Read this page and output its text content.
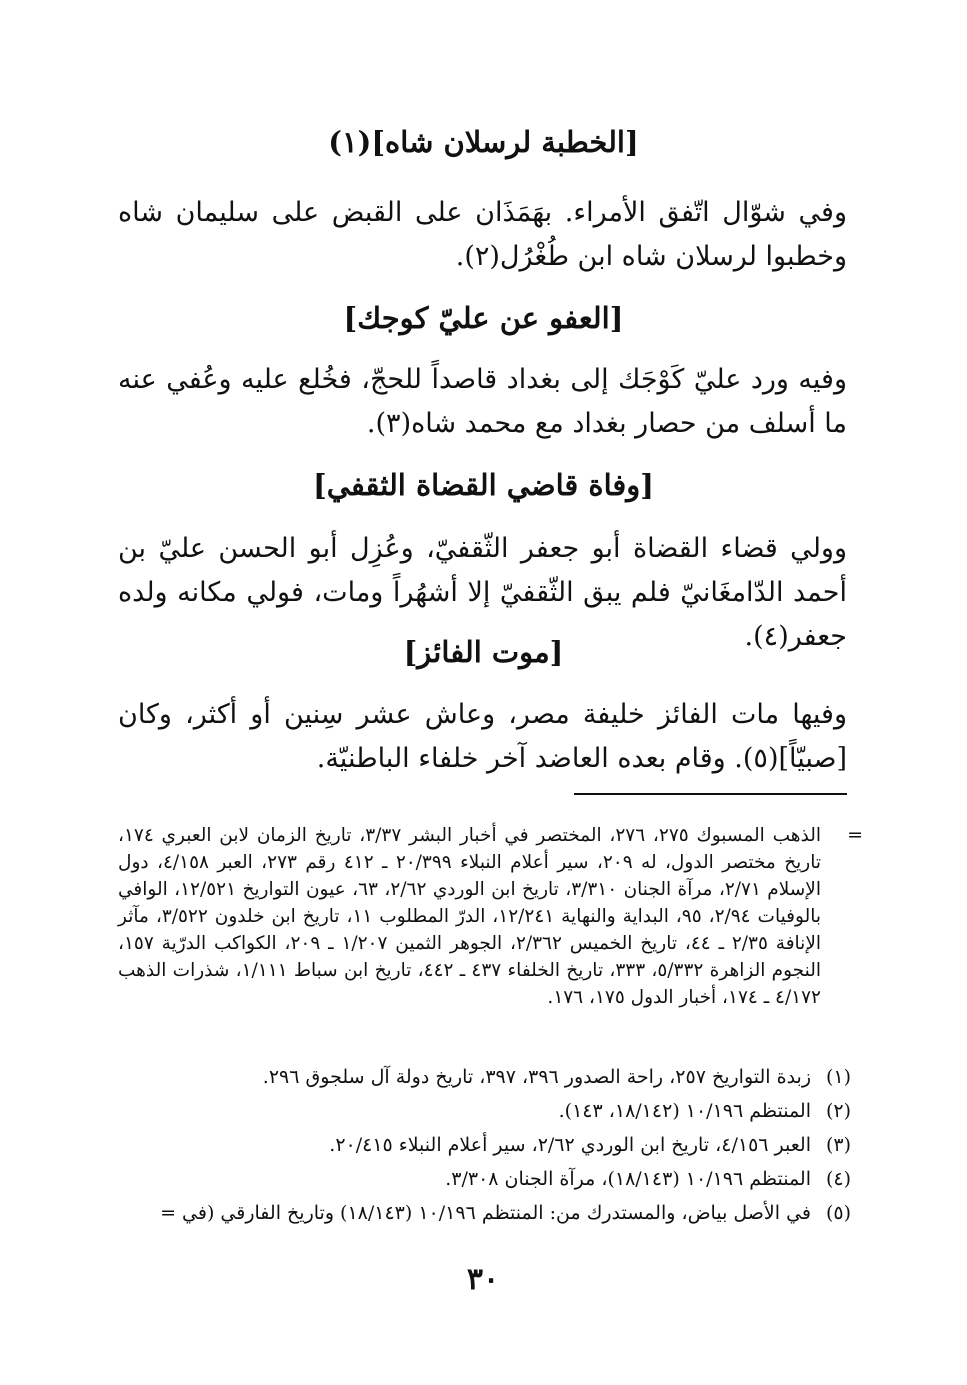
[الخطبة لرسلان شاه](١)
وفي شوّال اتّفق الأمراء. بهَمَذَان على القبض على سليمان شاه وخطبوا لرسلان شاه ابن طُغْرُل(٢).
[العفو عن عليّ كوجك]
وفيه ورد عليّ كَوْجَك إلى بغداد قاصداً للحجّ، فخُلع عليه وعُفي عنه ما أسلف من حصار بغداد مع محمد شاه(٣).
[وفاة قاضي القضاة الثقفي]
وولي قضاء القضاة أبو جعفر الثّقفيّ، وعُزِل أبو الحسن عليّ بن أحمد الدّامغَانيّ فلم يبق الثّقفيّ إلا أشهُراً ومات، فولي مكانه ولده جعفر(٤).
[موت الفائز]
وفيها مات الفائز خليفة مصر، وعاش عشر سِنين أو أكثر، وكان [صبيّاً](٥). وقام بعده العاضد آخر خلفاء الباطنيّة.
=
الذهب المسبوك ٢٧٥، ٢٧٦، المختصر في أخبار البشر ٣/٣٧، تاريخ الزمان لابن العبري ١٧٤، تاريخ مختصر الدول، له ٢٠٩، سير أعلام النبلاء ٢٠/٣٩٩ ـ ٤١٢ رقم ٢٧٣، العبر ٤/١٥٨، دول الإسلام ٢/٧١، مرآة الجنان ٣/٣١٠، تاريخ ابن الوردي ٢/٦٢، ٦٣، عيون التواريخ ١٢/٥٢١، الوافي بالوفيات ٢/٩٤، ٩٥، البداية والنهاية ١٢/٢٤١، الدرّ المطلوب ١١، تاريخ ابن خلدون ٣/٥٢٢، مآثر الإنافة ٢/٣٥ ـ ٤٤، تاريخ الخميس ٢/٣٦٢، الجوهر الثمين ١/٢٠٧ ـ ٢٠٩، الكواكب الدرّية ١٥٧، النجوم الزاهرة ٥/٣٣٢، ٣٣٣، تاريخ الخلفاء ٤٣٧ ـ ٤٤٢، تاريخ ابن سباط ١/١١١، شذرات الذهب ٤/١٧٢ ـ ١٧٤، أخبار الدول ١٧٥، ١٧٦.
(١)
زبدة التواريخ ٢٥٧، راحة الصدور ٣٩٦، ٣٩٧، تاريخ دولة آل سلجوق ٢٩٦.
(٢)
المنتظم ١٠/١٩٦ (١٨/١٤٢، ١٤٣).
(٣)
العبر ٤/١٥٦، تاريخ ابن الوردي ٢/٦٢، سير أعلام النبلاء ٢٠/٤١٥.
(٤)
المنتظم ١٠/١٩٦ (١٨/١٤٣)، مرآة الجنان ٣/٣٠٨.
(٥)
في الأصل بياض، والمستدرك من: المنتظم ١٠/١٩٦ (١٨/١٤٣) وتاريخ الفارقي (في =
٣٠
